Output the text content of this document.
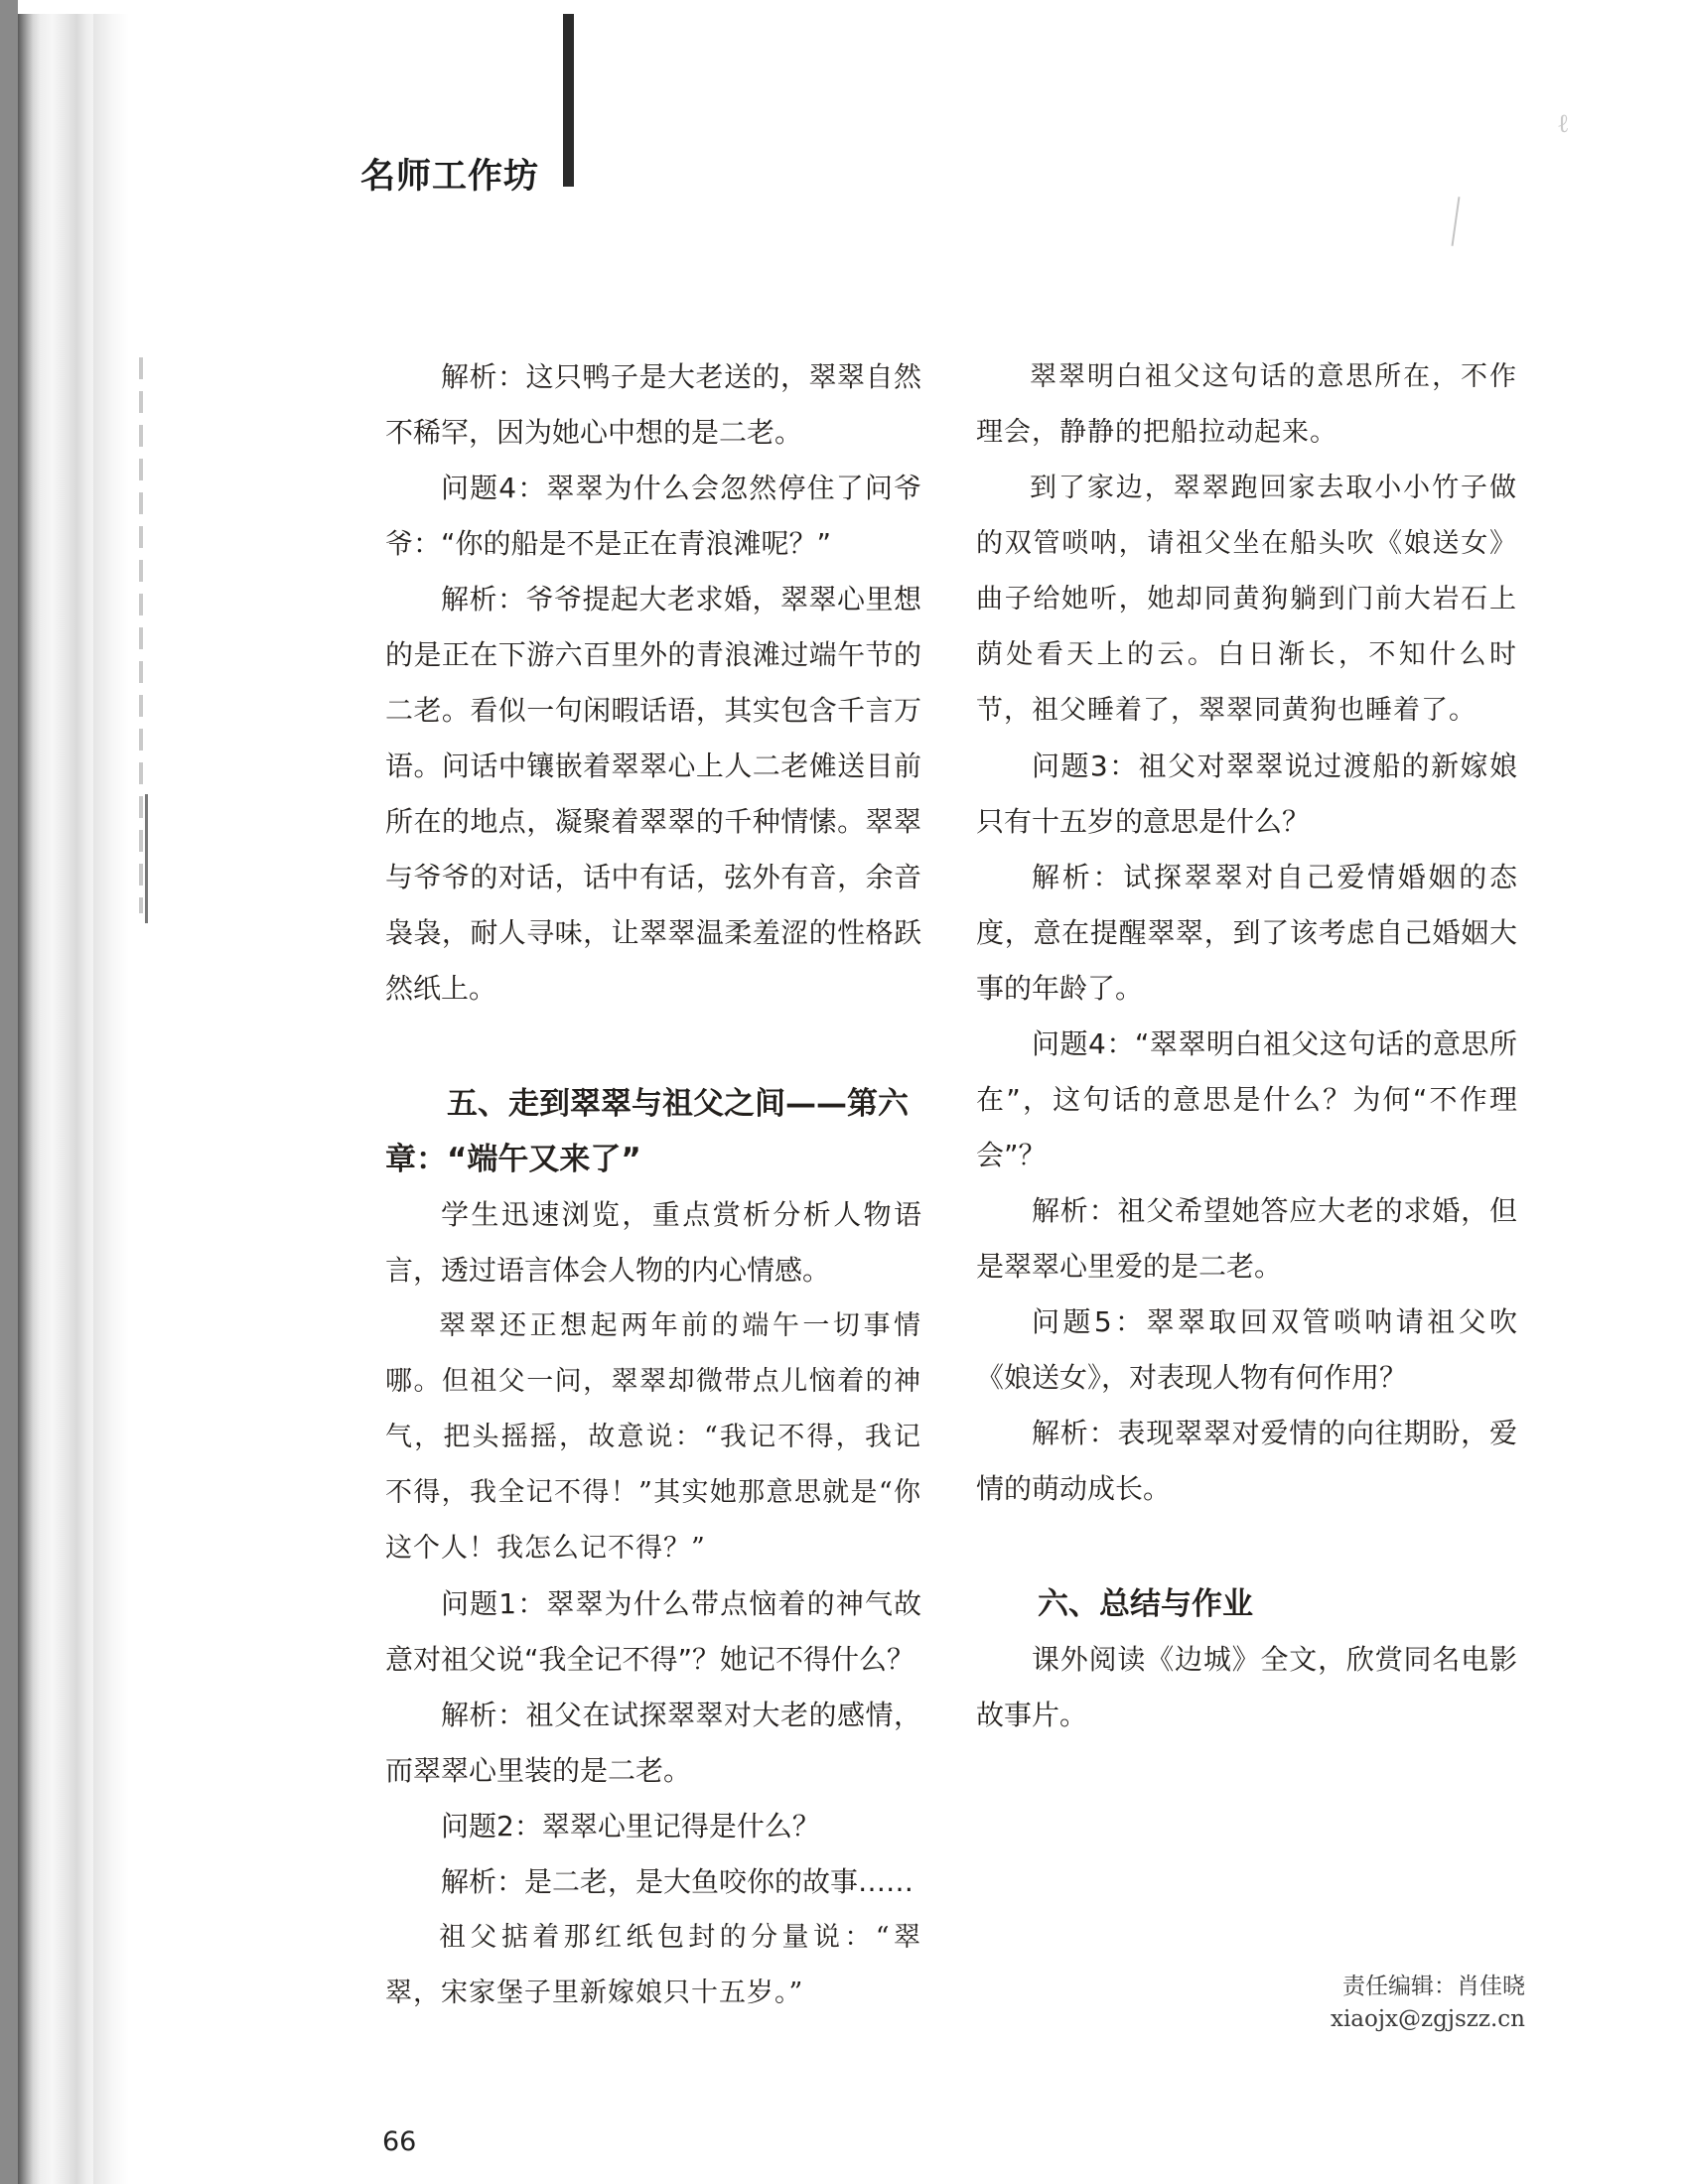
名师工作坊
ℓ

解析：这只鸭子是大老送的，翠翠自然不稀罕，因为她心中想的是二老。

问题4：翠翠为什么会忽然停住了问爷爷：“你的船是不是正在青浪滩呢？”

解析：爷爷提起大老求婚，翠翠心里想的是正在下游六百里外的青浪滩过端午节的二老。看似一句闲暇话语，其实包含千言万语。问话中镶嵌着翠翠心上人二老傩送目前所在的地点，凝聚着翠翠的千种情愫。翠翠与爷爷的对话，话中有话，弦外有音，余音袅袅，耐人寻味，让翠翠温柔羞涩的性格跃然纸上。

五、走到翠翠与祖父之间——第六章：“端午又来了”

学生迅速浏览，重点赏析分析人物语言，透过语言体会人物的内心情感。

翠翠还正想起两年前的端午一切事情哪。但祖父一问，翠翠却微带点儿恼着的神气，把头摇摇，故意说：“我记不得，我记不得，我全记不得！”其实她那意思就是“你这个人！我怎么记不得？”

问题1：翠翠为什么带点恼着的神气故意对祖父说“我全记不得”？她记不得什么？

解析：祖父在试探翠翠对大老的感情，而翠翠心里装的是二老。

问题2：翠翠心里记得是什么？

解析：是二老，是大鱼咬你的故事……

祖父掂着那红纸包封的分量说：“翠翠，宋家堡子里新嫁娘只十五岁。”

翠翠明白祖父这句话的意思所在，不作理会，静静的把船拉动起来。

到了家边，翠翠跑回家去取小小竹子做的双管唢呐，请祖父坐在船头吹《娘送女》曲子给她听，她却同黄狗躺到门前大岩石上荫处看天上的云。白日渐长，不知什么时节，祖父睡着了，翠翠同黄狗也睡着了。

问题3：祖父对翠翠说过渡船的新嫁娘只有十五岁的意思是什么？

解析：试探翠翠对自己爱情婚姻的态度，意在提醒翠翠，到了该考虑自己婚姻大事的年龄了。

问题4：“翠翠明白祖父这句话的意思所在”，这句话的意思是什么？为何“不作理会”？

解析：祖父希望她答应大老的求婚，但是翠翠心里爱的是二老。

问题5：翠翠取回双管唢呐请祖父吹《娘送女》，对表现人物有何作用？

解析：表现翠翠对爱情的向往期盼，爱情的萌动成长。

六、总结与作业

课外阅读《边城》全文，欣赏同名电影故事片。

责任编辑：肖佳晓
xiaojx@zgjszz.cn
66
